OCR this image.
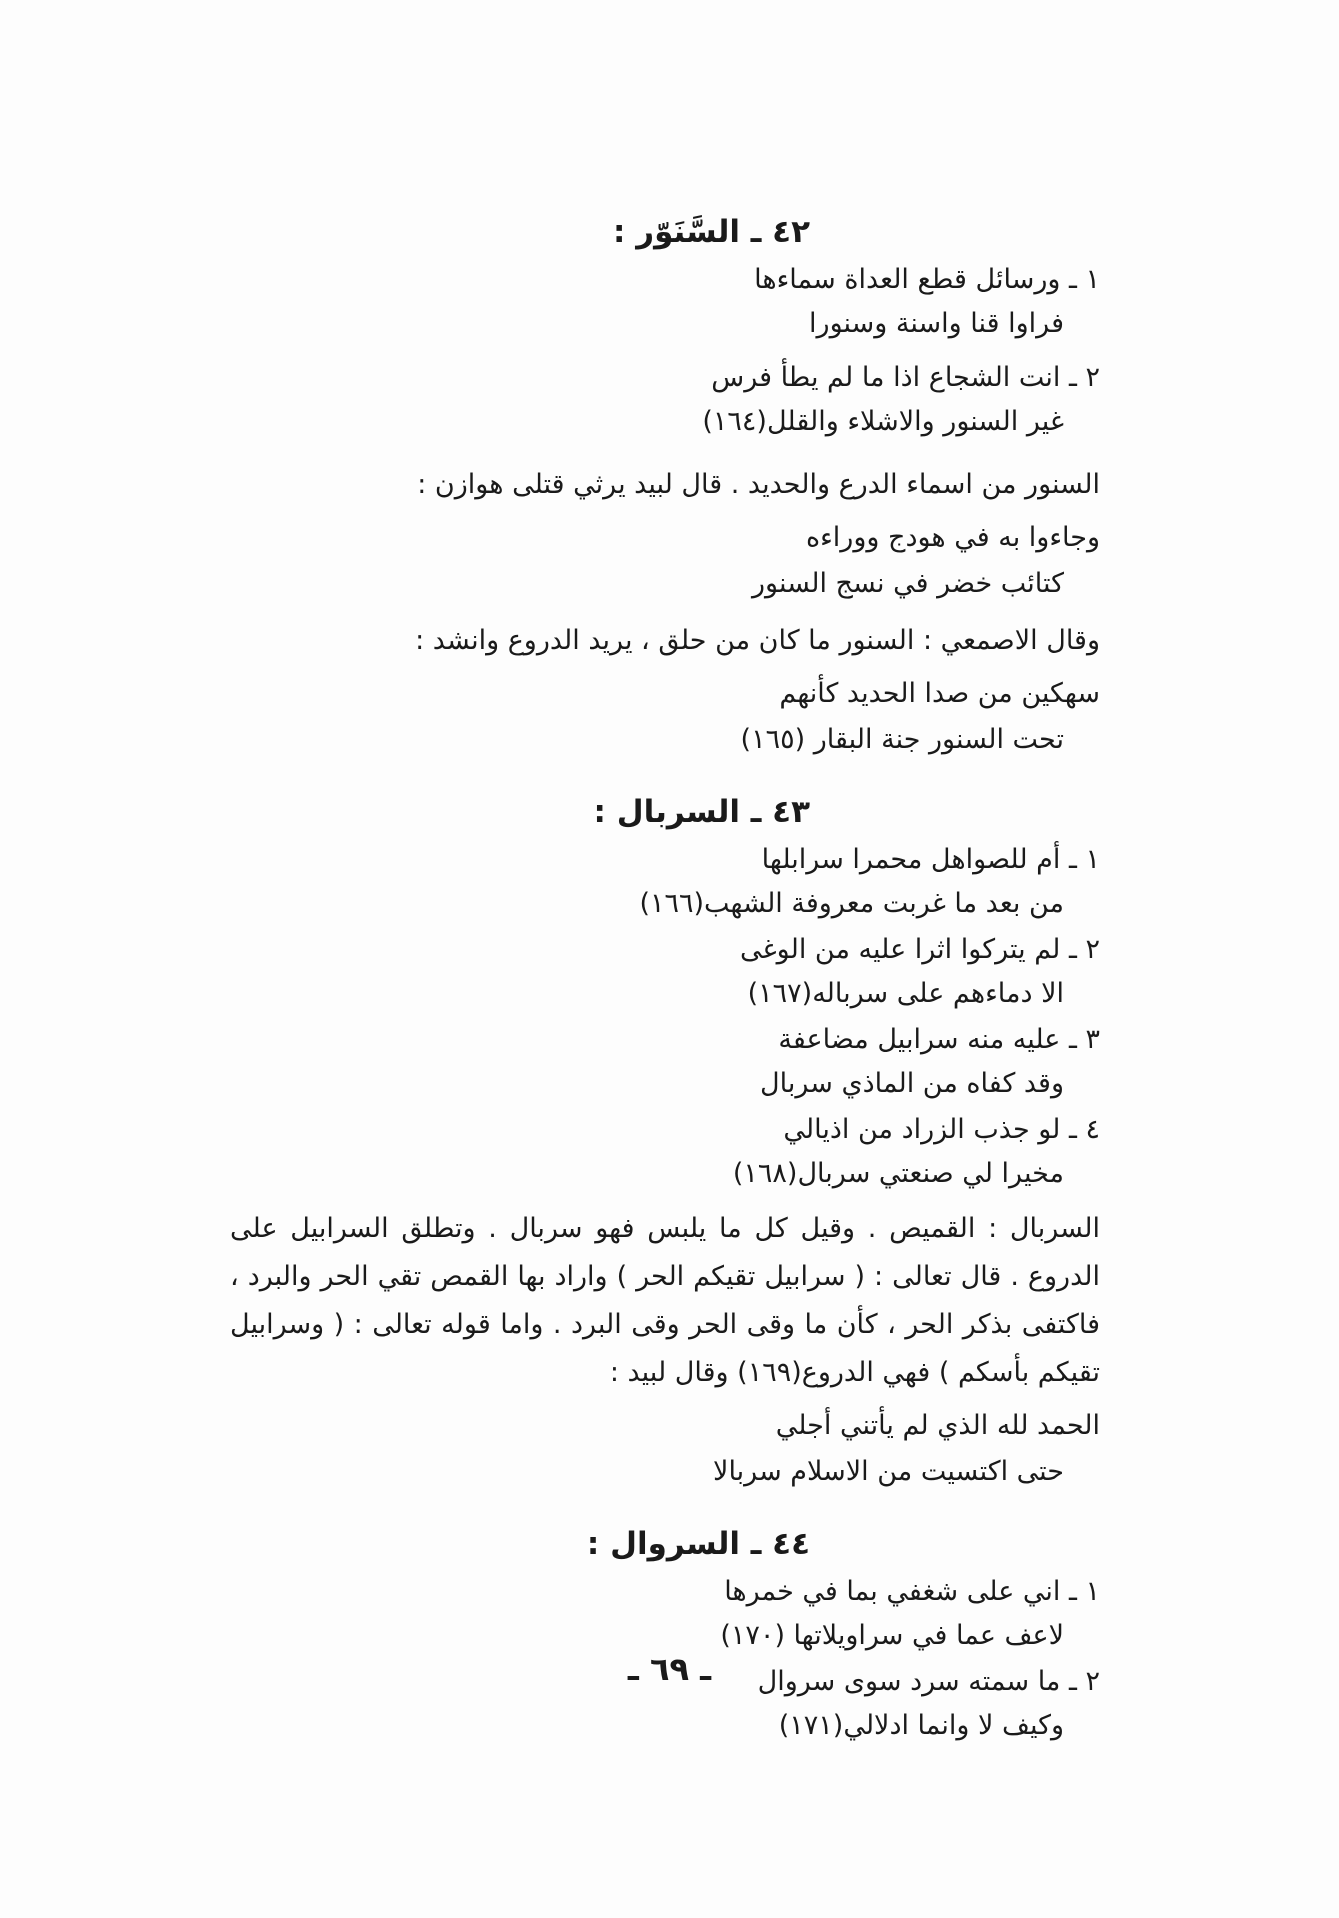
٤٢ ـ السَّنَوّر :
١ ـ ورسائل قطع العداة سماءها
فراوا قنا واسنة وسنورا
٢ ـ انت الشجاع اذا ما لم يطأ فرس
غير السنور والاشلاء والقلل(١٦٤)
السنور من اسماء الدرع والحديد . قال لبيد يرثي قتلى هوازن :
وجاءوا به في هودج ووراءه
كتائب خضر في نسج السنور
وقال الاصمعي : السنور ما كان من حلق ، يريد الدروع وانشد :
سهكين من صدا الحديد كأنهم
تحت السنور جنة البقار (١٦٥)
٤٣ ـ السربال :
١ ـ أم للصواهل محمرا سرابلها
من بعد ما غربت معروفة الشهب(١٦٦)
٢ ـ لم يتركوا اثرا عليه من الوغى
الا دماءهم على سرباله(١٦٧)
٣ ـ عليه منه سرابيل مضاعفة
وقد كفاه من الماذي سربال
٤ ـ لو جذب الزراد من اذيالي
مخيرا لي صنعتي سربال(١٦٨)
السربال : القميص . وقيل كل ما يلبس فهو سربال . وتطلق السرابيل على الدروع . قال تعالى : ( سرابيل تقيكم الحر ) واراد بها القمص تقي الحر والبرد ، فاكتفى بذكر الحر ، كأن ما وقى الحر وقى البرد . واما قوله تعالى : ( وسرابيل تقيكم بأسكم ) فهي الدروع(١٦٩) وقال لبيد :
الحمد لله الذي لم يأتني أجلي
حتى اكتسيت من الاسلام سربالا
٤٤ ـ السروال :
١ ـ اني على شغفي بما في خمرها
لاعف عما في سراويلاتها (١٧٠)
٢ ـ ما سمته سرد سوى سروال
وكيف لا وانما ادلالي(١٧١)
ـ ٦٩ ـ
